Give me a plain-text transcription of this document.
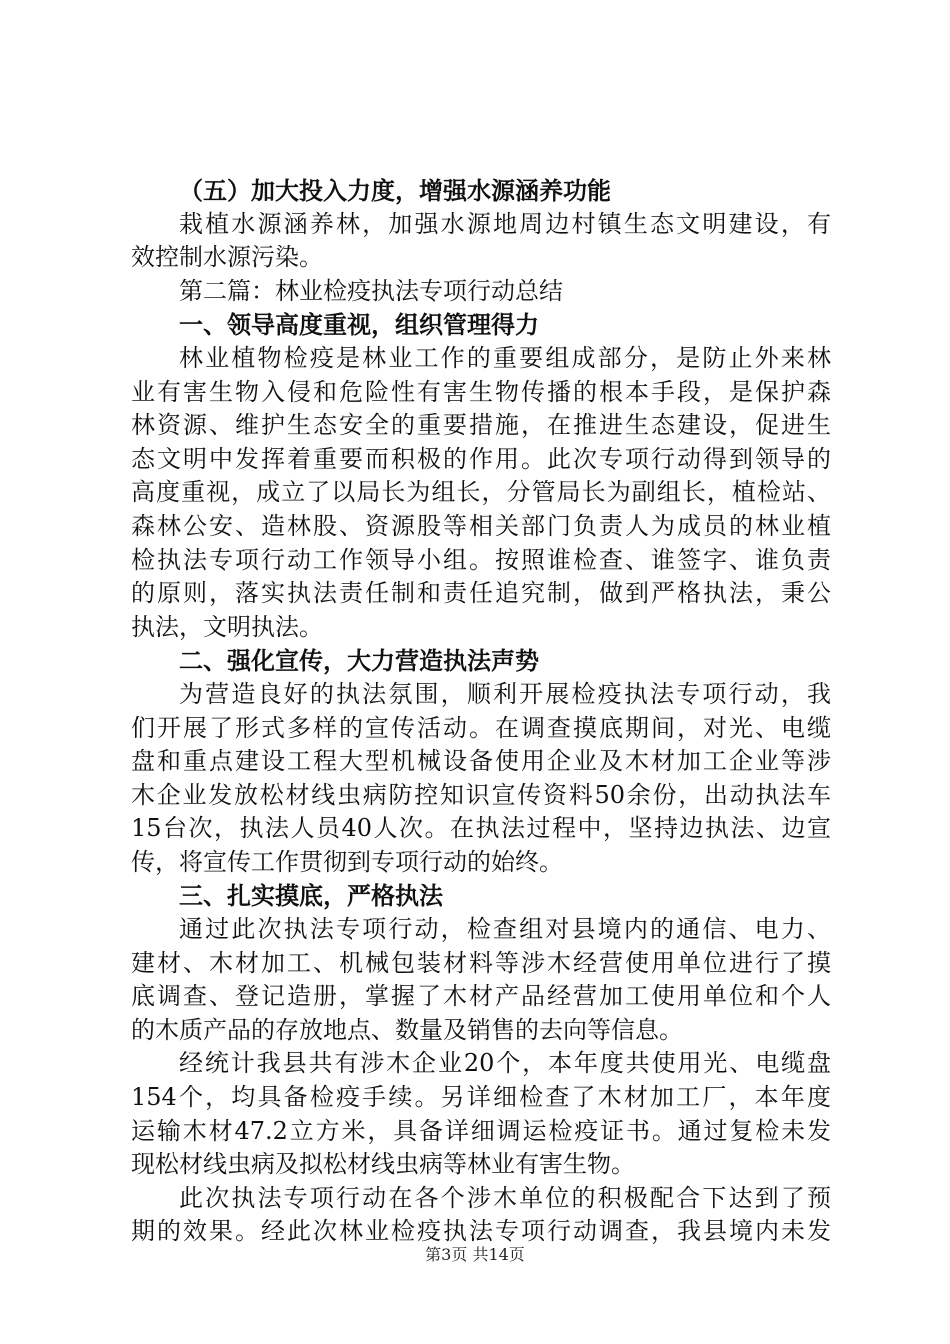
（五）加大投入力度，增强水源涵养功能
栽植水源涵养林，加强水源地周边村镇生态文明建设，有
效控制水源污染。
第二篇：林业检疫执法专项行动总结
一、领导高度重视，组织管理得力
林业植物检疫是林业工作的重要组成部分，是防止外来林
业有害生物入侵和危险性有害生物传播的根本手段，是保护森
林资源、维护生态安全的重要措施，在推进生态建设，促进生
态文明中发挥着重要而积极的作用。此次专项行动得到领导的
高度重视，成立了以局长为组长，分管局长为副组长，植检站、
森林公安、造林股、资源股等相关部门负责人为成员的林业植
检执法专项行动工作领导小组。按照谁检查、谁签字、谁负责
的原则，落实执法责任制和责任追究制，做到严格执法，秉公
执法，文明执法。
二、强化宣传，大力营造执法声势
为营造良好的执法氛围，顺利开展检疫执法专项行动，我
们开展了形式多样的宣传活动。在调查摸底期间，对光、电缆
盘和重点建设工程大型机械设备使用企业及木材加工企业等涉
木企业发放松材线虫病防控知识宣传资料50余份，出动执法车
15台次，执法人员40人次。在执法过程中，坚持边执法、边宣
传，将宣传工作贯彻到专项行动的始终。
三、扎实摸底，严格执法
通过此次执法专项行动，检查组对县境内的通信、电力、
建材、木材加工、机械包装材料等涉木经营使用单位进行了摸
底调查、登记造册，掌握了木材产品经营加工使用单位和个人
的木质产品的存放地点、数量及销售的去向等信息。
经统计我县共有涉木企业20个，本年度共使用光、电缆盘
154个，均具备检疫手续。另详细检查了木材加工厂，本年度
运输木材47.2立方米，具备详细调运检疫证书。通过复检未发
现松材线虫病及拟松材线虫病等林业有害生物。
此次执法专项行动在各个涉木单位的积极配合下达到了预
期的效果。经此次林业检疫执法专项行动调查，我县境内未发
第3页 共14页
